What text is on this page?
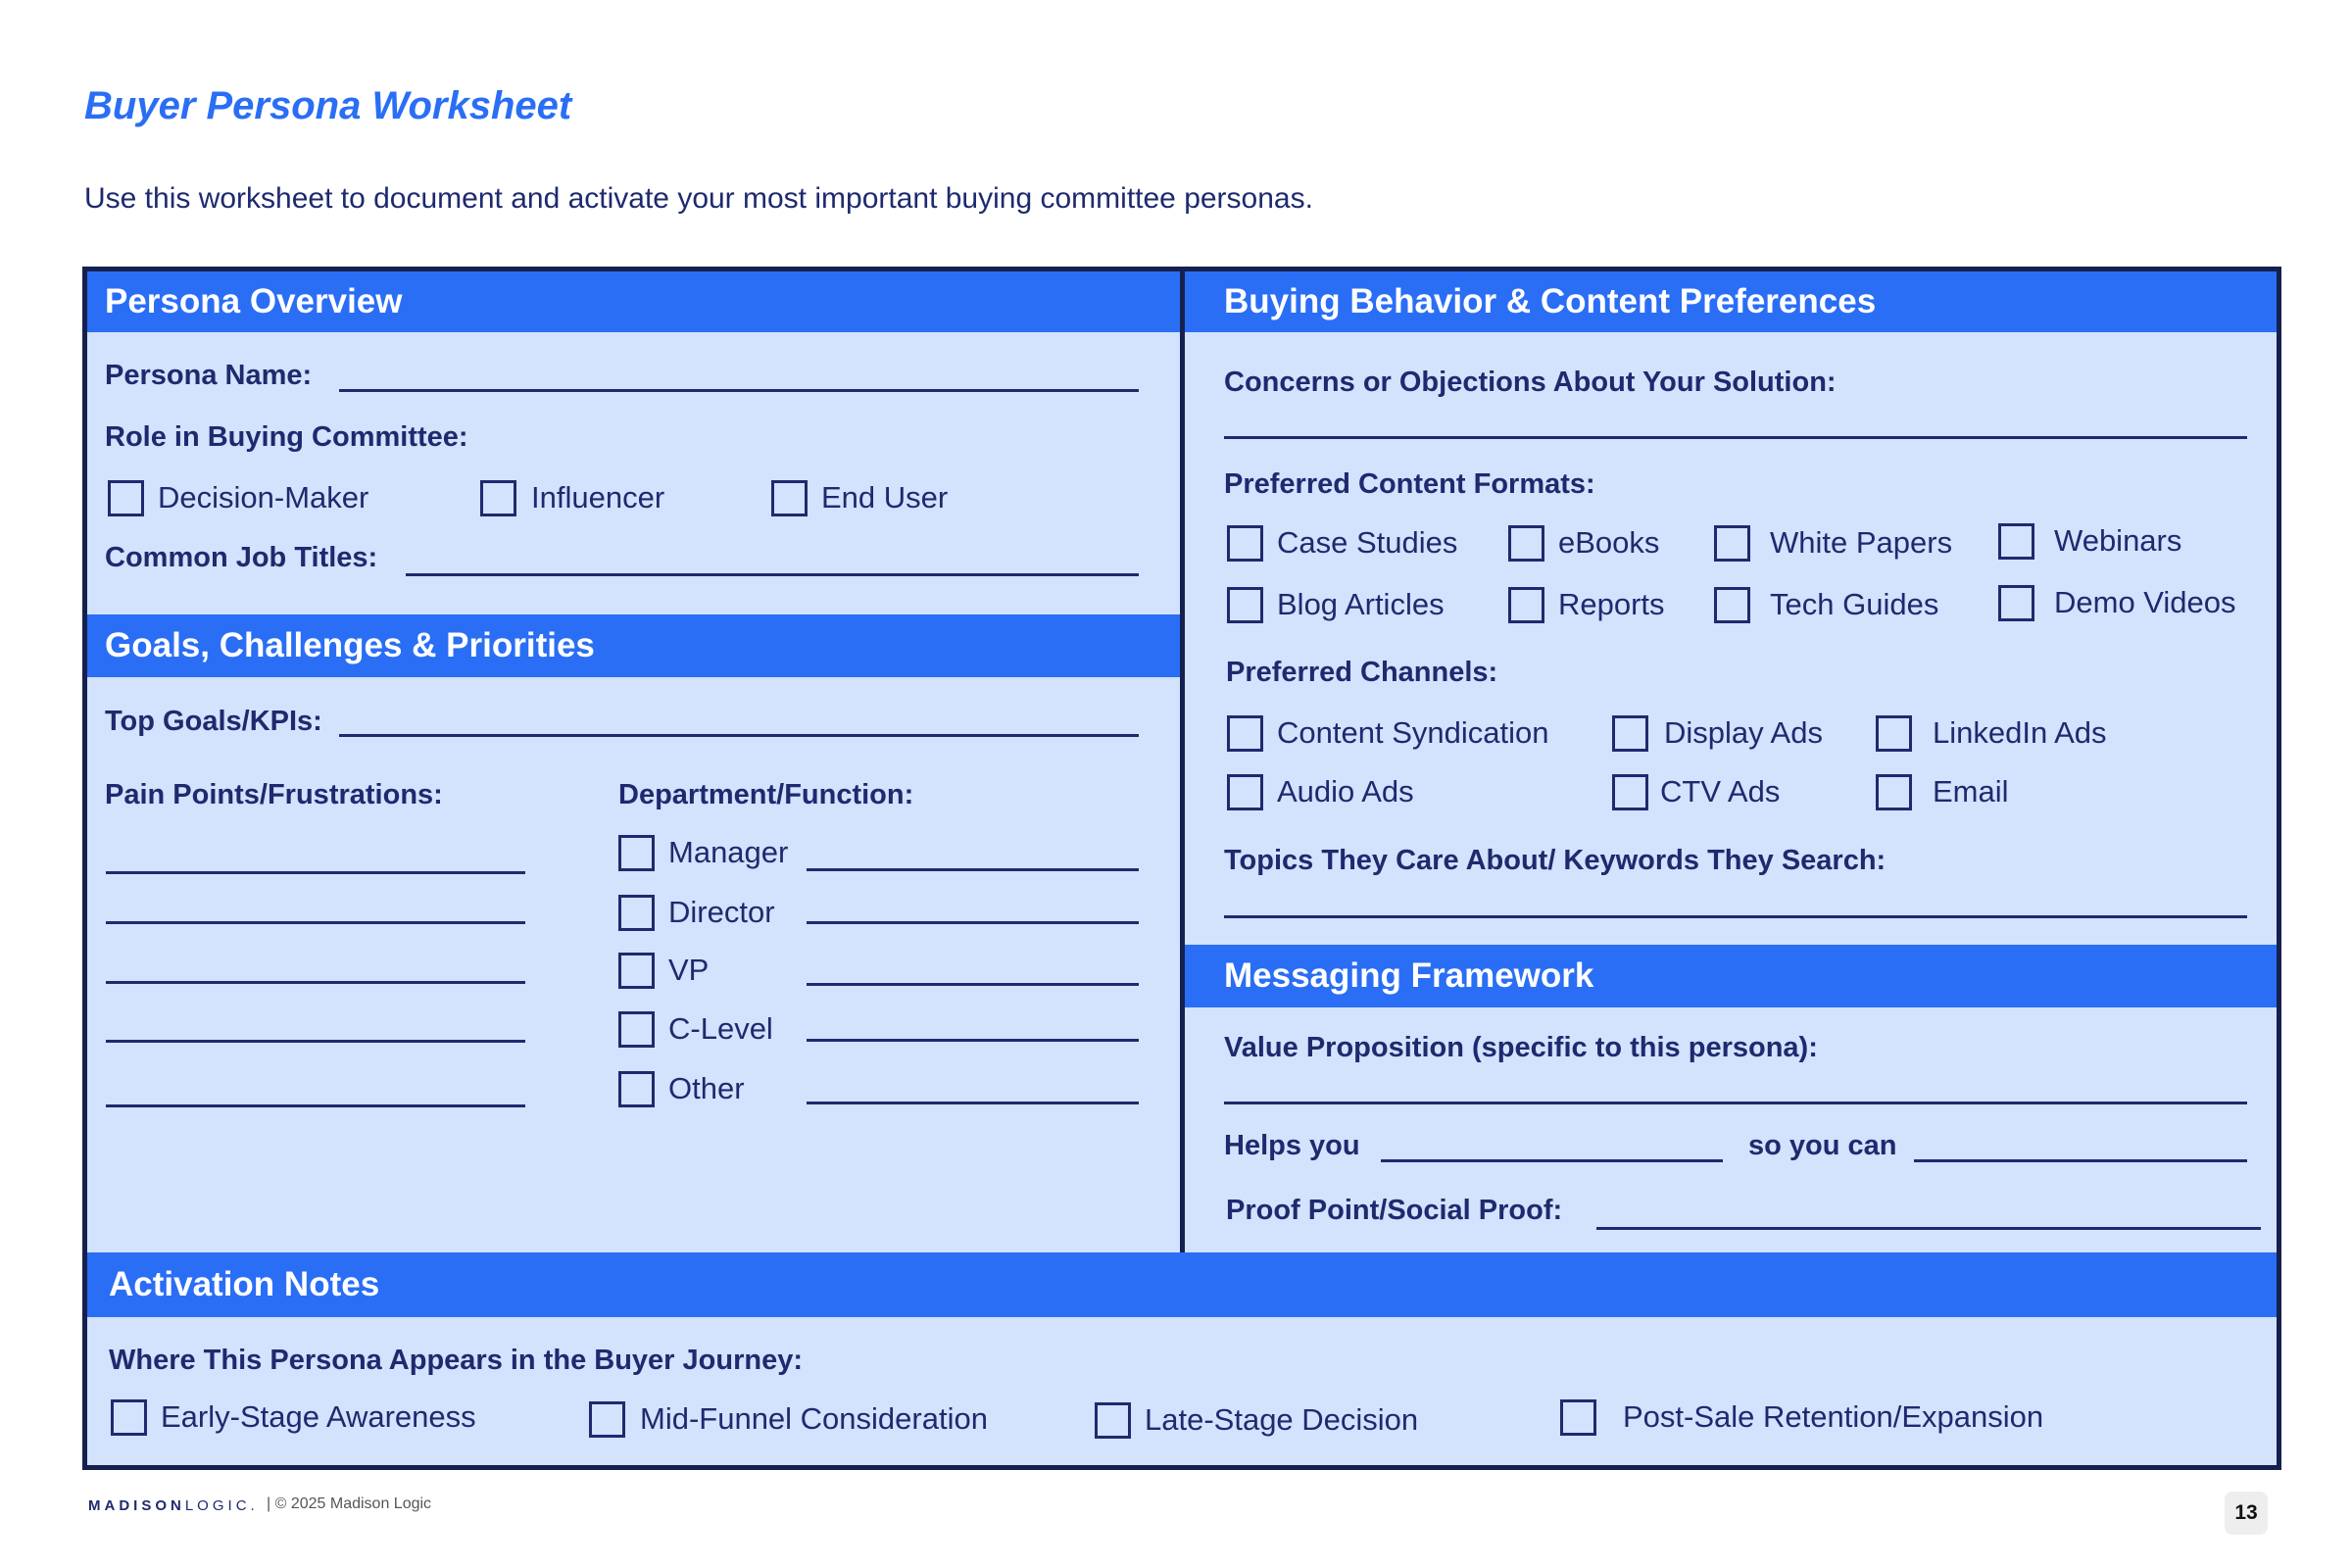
Buyer Persona Worksheet
Use this worksheet to document and activate your most important buying committee personas.
Persona Overview
Persona Name:
Role in Buying Committee:
Decision-Maker	Influencer	End User
Common Job Titles:
Goals, Challenges & Priorities
Top Goals/KPIs:
Pain Points/Frustrations:	Department/Function:
Manager
Director
VP
C-Level
Other
Buying Behavior & Content Preferences
Concerns or Objections About Your Solution:
Preferred Content Formats:
Case Studies	eBooks	White Papers	Webinars
Blog Articles	Reports	Tech Guides	Demo Videos
Preferred Channels:
Content Syndication	Display Ads	LinkedIn Ads
Audio Ads	CTV Ads	Email
Topics They Care About/ Keywords They Search:
Messaging Framework
Value Proposition (specific to this persona):
Helps you	so you can
Proof Point/Social Proof:
Activation Notes
Where This Persona Appears in the Buyer Journey:
Early-Stage Awareness	Mid-Funnel Consideration	Late-Stage Decision	Post-Sale Retention/Expansion
MADISONLOGIC. | © 2025 Madison Logic	13
